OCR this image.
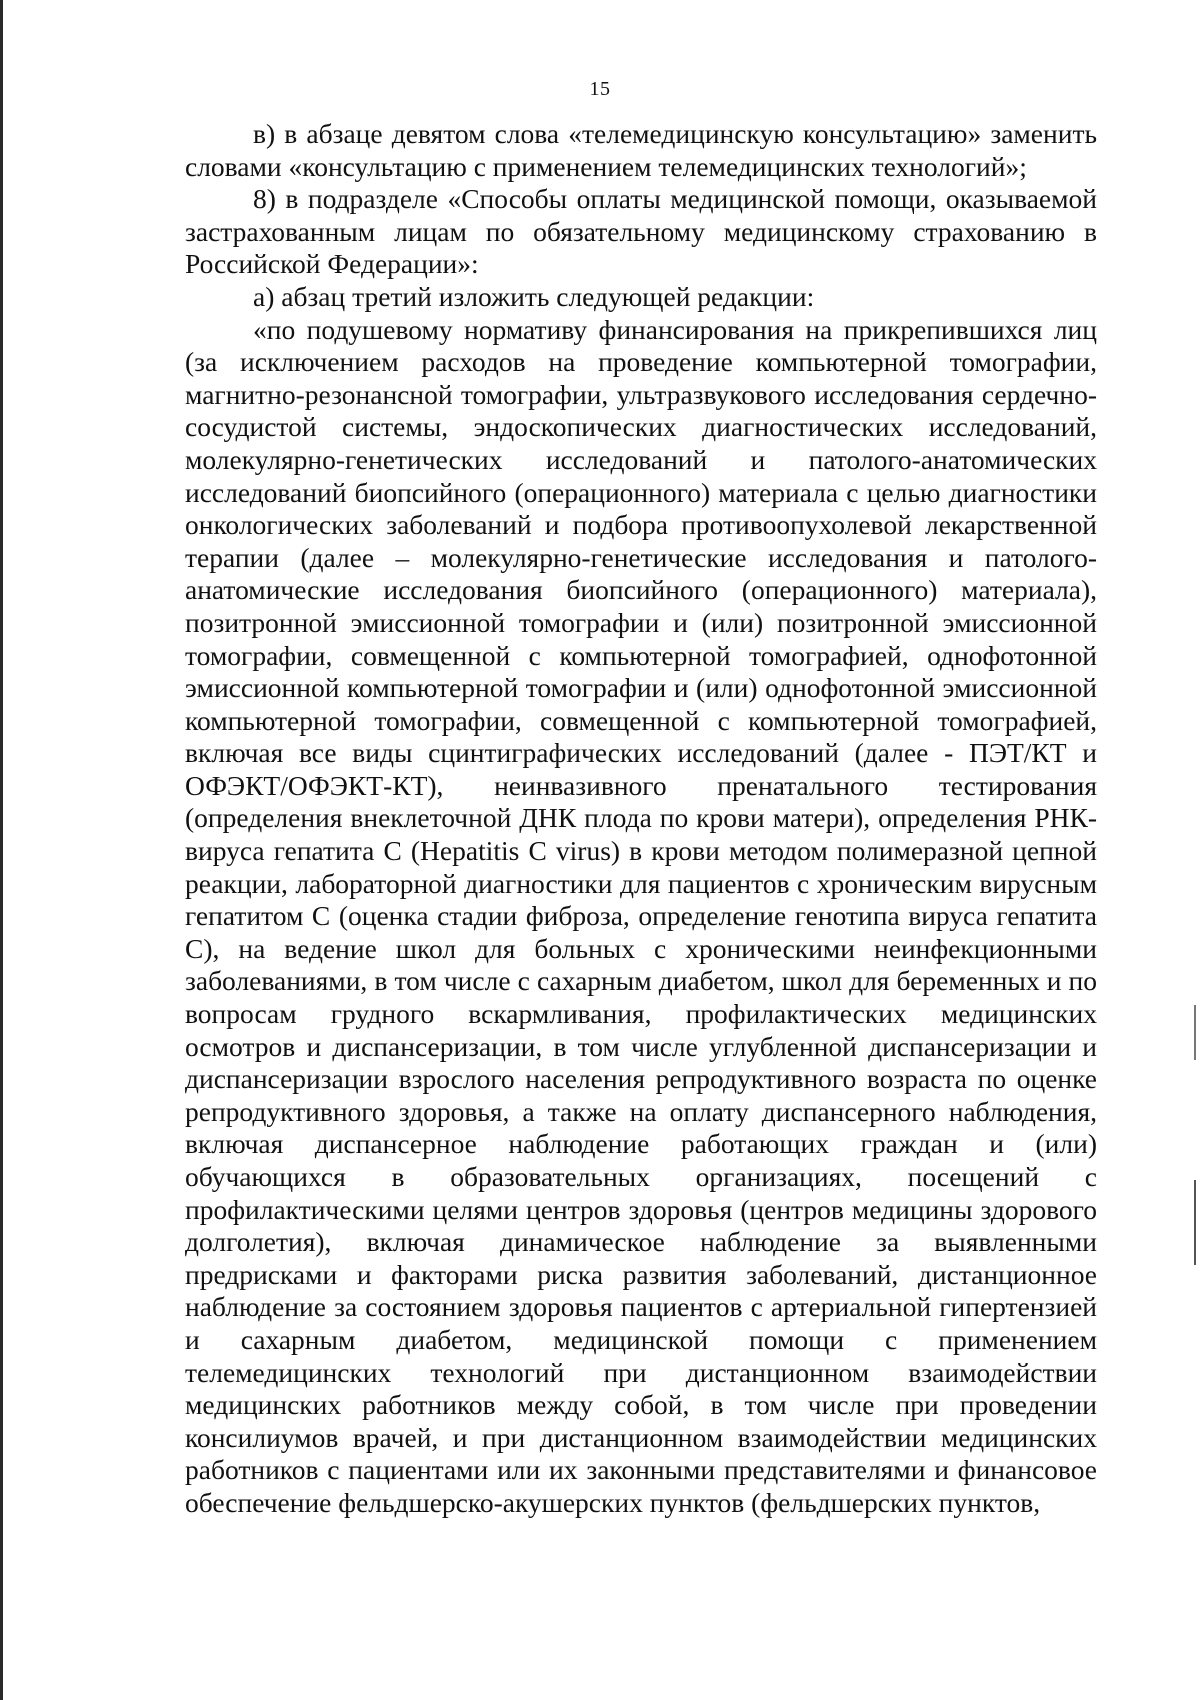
15

в) в абзаце девятом слова «телемедицинскую консультацию» заменить словами «консультацию с применением телемедицинских технологий»;

8) в подразделе «Способы оплаты медицинской помощи, оказываемой застрахованным лицам по обязательному медицинскому страхованию в Российской Федерации»:

а) абзац третий изложить следующей редакции:

«по подушевому нормативу финансирования на прикрепившихся лиц (за исключением расходов на проведение компьютерной томографии, магнитно-резонансной томографии, ультразвукового исследования сердечно-сосудистой системы, эндоскопических диагностических исследований, молекулярно-генетических исследований и патолого-анатомических исследований биопсийного (операционного) материала с целью диагностики онкологических заболеваний и подбора противоопухолевой лекарственной терапии (далее – молекулярно-генетические исследования и патолого-анатомические исследования биопсийного (операционного) материала), позитронной эмиссионной томографии и (или) позитронной эмиссионной томографии, совмещенной с компьютерной томографией, однофотонной эмиссионной компьютерной томографии и (или) однофотонной эмиссионной компьютерной томографии, совмещенной с компьютерной томографией, включая все виды сцинтиграфических исследований (далее - ПЭТ/КТ и ОФЭКТ/ОФЭКТ-КТ), неинвазивного пренатального тестирования (определения внеклеточной ДНК плода по крови матери), определения РНК-вируса гепатита С (Hepatitis C virus) в крови методом полимеразной цепной реакции, лабораторной диагностики для пациентов с хроническим вирусным гепатитом С (оценка стадии фиброза, определение генотипа вируса гепатита С), на ведение школ для больных с хроническими неинфекционными заболеваниями, в том числе с сахарным диабетом, школ для беременных и по вопросам грудного вскармливания, профилактических медицинских осмотров и диспансеризации, в том числе углубленной диспансеризации и диспансеризации взрослого населения репродуктивного возраста по оценке репродуктивного здоровья, а также на оплату диспансерного наблюдения, включая диспансерное наблюдение работающих граждан и (или) обучающихся в образовательных организациях, посещений с профилактическими целями центров здоровья (центров медицины здорового долголетия), включая динамическое наблюдение за выявленными предрисками и факторами риска развития заболеваний, дистанционное наблюдение за состоянием здоровья пациентов с артериальной гипертензией и сахарным диабетом, медицинской помощи с применением телемедицинских технологий при дистанционном взаимодействии медицинских работников между собой, в том числе при проведении консилиумов врачей, и при дистанционном взаимодействии медицинских работников с пациентами или их законными представителями и финансовое обеспечение фельдшерско-акушерских пунктов (фельдшерских пунктов,
